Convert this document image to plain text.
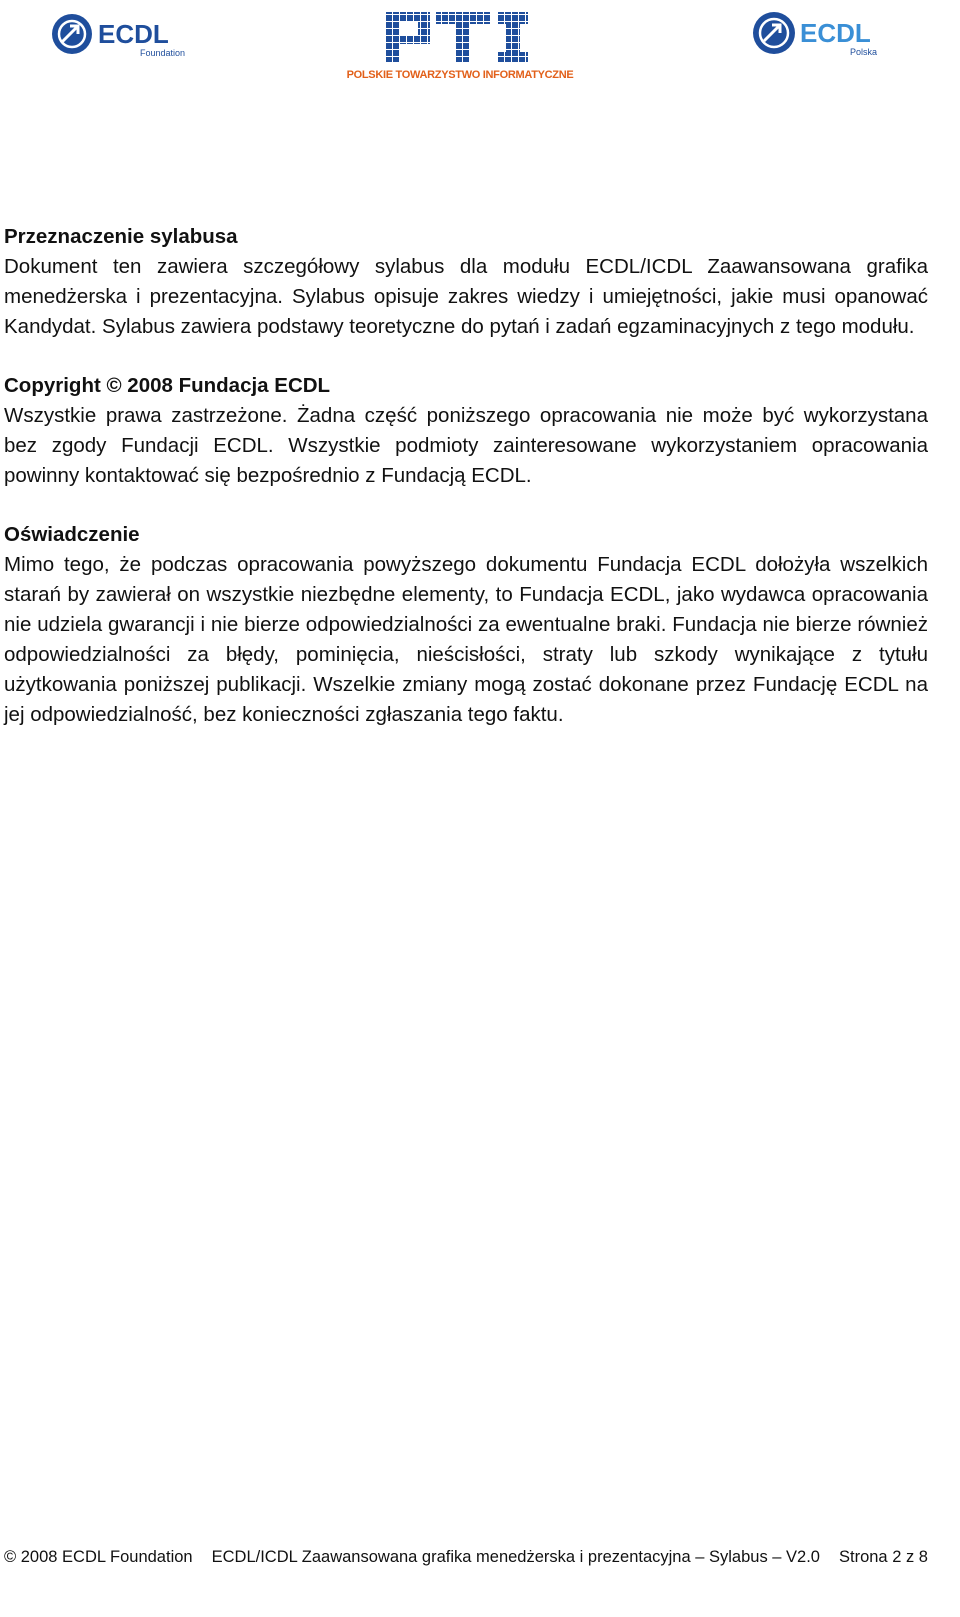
ECDL
Foundation
POLSKIE TOWARZYSTWO INFORMATYCZNE
ECDL
Polska

Przeznaczenie sylabusa

Dokument ten zawiera szczegółowy sylabus dla modułu ECDL/ICDL Zaawansowana grafika menedżerska i prezentacyjna. Sylabus opisuje zakres wiedzy i umiejętności, jakie musi opanować Kandydat. Sylabus zawiera podstawy teoretyczne do pytań i zadań egzaminacyjnych z tego modułu.

Copyright © 2008 Fundacja ECDL

Wszystkie prawa zastrzeżone. Żadna część poniższego opracowania nie może być wykorzystana bez zgody Fundacji ECDL. Wszystkie podmioty zainteresowane wykorzystaniem opracowania powinny kontaktować się bezpośrednio z Fundacją ECDL.

Oświadczenie

Mimo tego, że podczas opracowania powyższego dokumentu Fundacja ECDL dołożyła wszelkich starań by zawierał on wszystkie niezbędne elementy, to Fundacja ECDL, jako wydawca opracowania nie udziela gwarancji i nie bierze odpowiedzialności za ewentualne braki. Fundacja nie bierze również odpowiedzialności za błędy, pominięcia, nieścisłości, straty lub szkody wynikające z tytułu użytkowania poniższej publikacji. Wszelkie zmiany mogą zostać dokonane przez Fundację ECDL na jej odpowiedzialność, bez konieczności zgłaszania tego faktu.

© 2008 ECDL Foundation ECDL/ICDL Zaawansowana grafika menedżerska i prezentacyjna – Sylabus – V2.0 Strona 2 z 8
